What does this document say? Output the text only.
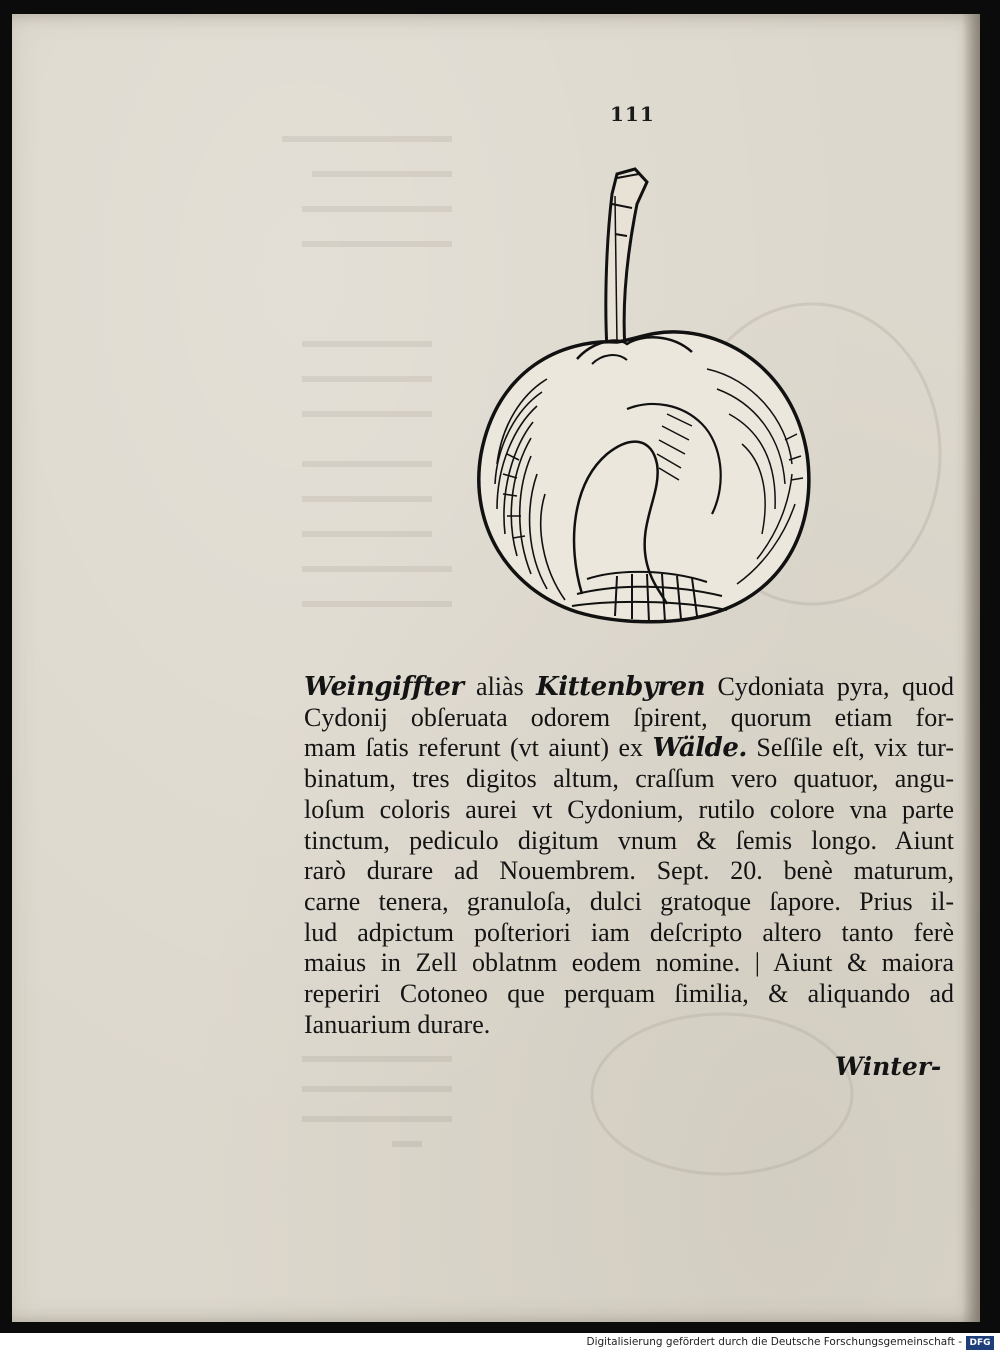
111
Weingiffter aliàs Kittenbyren Cydoniata pyra, quod
Cydonij obſeruata odorem ſpirent, quorum etiam for-
mam ſatis referunt (vt aiunt) ex Wälde. Seſſile eſt, vix tur-
binatum, tres digitos altum, craſſum vero quatuor, angu-
loſum coloris aurei vt Cydonium, rutilo colore vna parte
tinctum, pediculo digitum vnum & ſemis longo. Aiunt
rarò durare ad Nouembrem. Sept. 20. benè maturum,
carne tenera, granuloſa, dulci gratoque ſapore. Prius il-
lud adpictum poſteriori iam deſcripto altero tanto ferè
maius in Zell oblatnm eodem nomine. | Aiunt & maiora
reperiri Cotoneo que perquam ſimilia, & aliquando ad
Ianuarium durare.
Winter-
Digitalisierung gefördert durch die Deutsche Forschungsgemeinschaft - DFG
